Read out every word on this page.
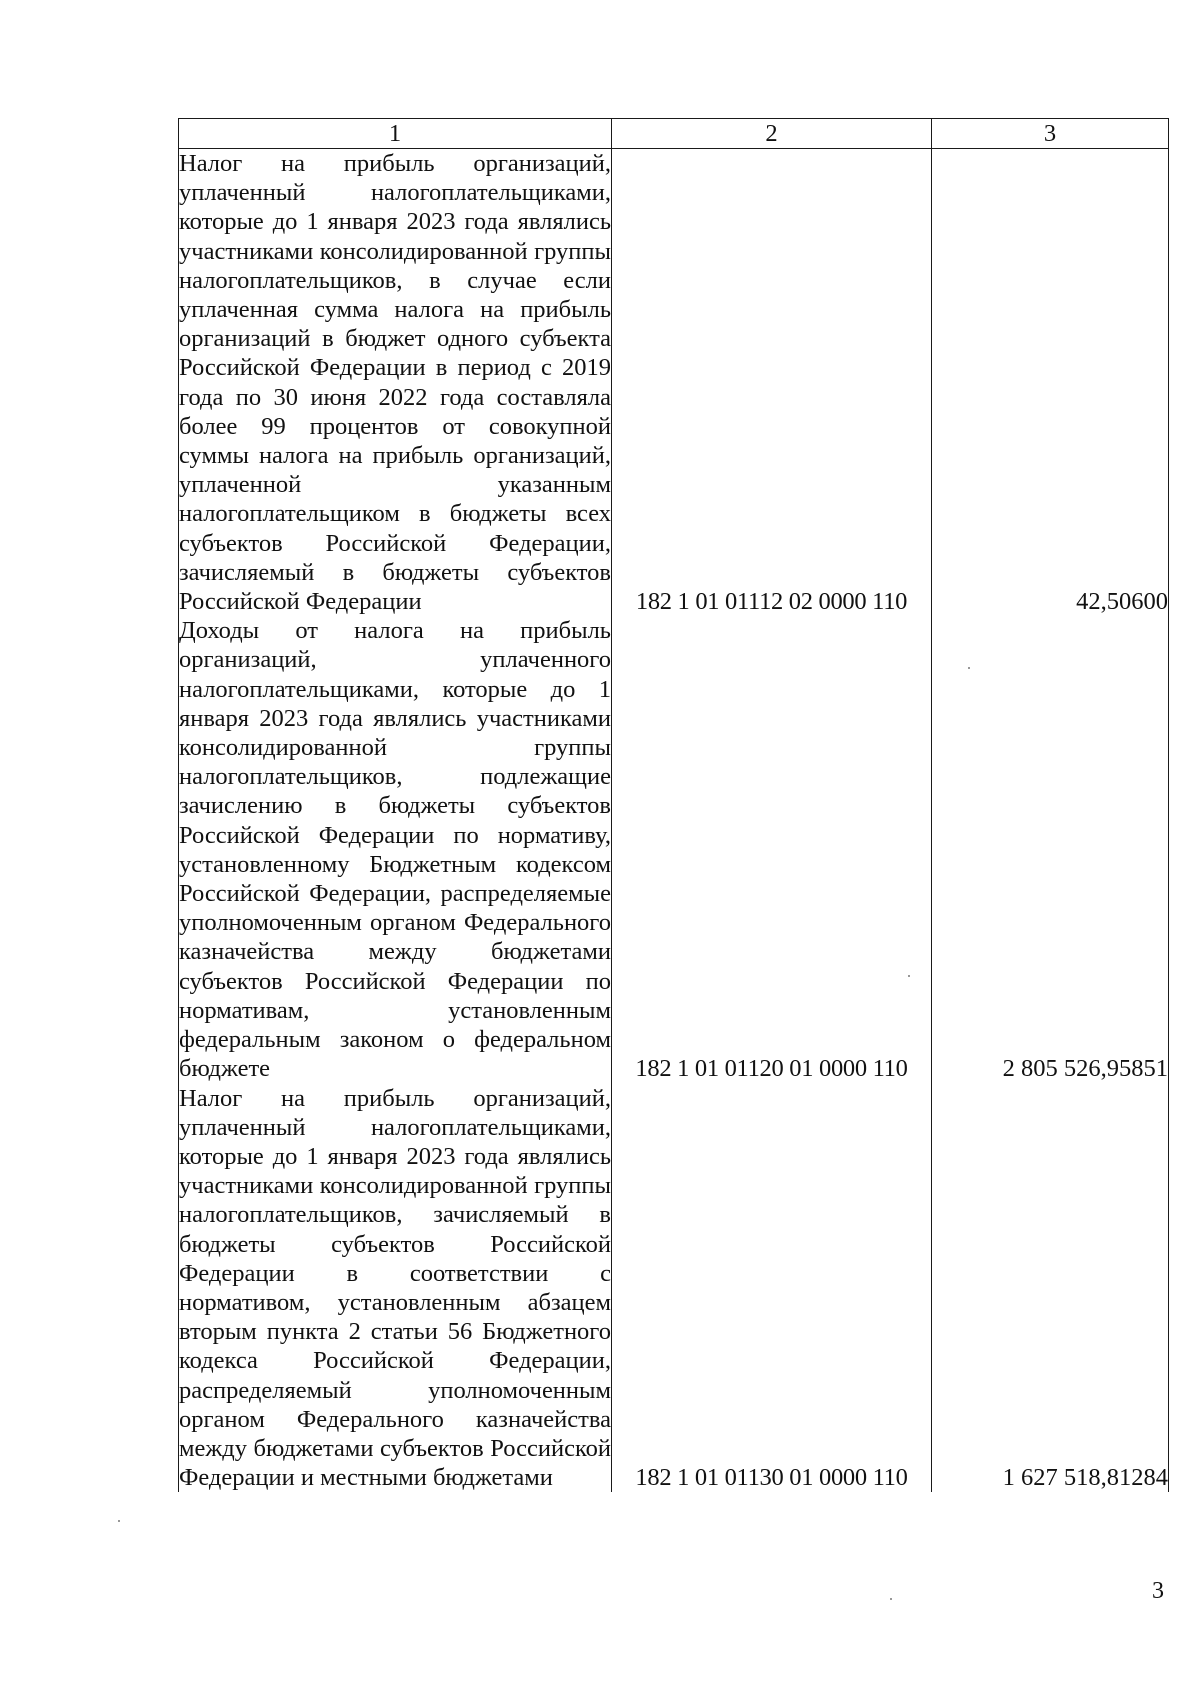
1	2	3
Налог на прибыль организаций, уплаченный налогоплательщиками, которые до 1 января 2023 года являлись участниками консолидированной группы налогоплательщиков, в случае если уплаченная сумма налога на прибыль организаций в бюджет одного субъекта Российской Федерации в период с 2019 года по 30 июня 2022 года составляла более 99 процентов от совокупной суммы налога на прибыль организаций, уплаченной указанным налогоплательщиком в бюджеты всех субъектов Российской Федерации, зачисляемый в бюджеты субъектов Российской Федерации	182 1 01 01112 02 0000 110	42,50600
Доходы от налога на прибыль организаций, уплаченного налогоплательщиками, которые до 1 января 2023 года являлись участниками консолидированной группы налогоплательщиков, подлежащие зачислению в бюджеты субъектов Российской Федерации по нормативу, установленному Бюджетным кодексом Российской Федерации, распределяемые уполномоченным органом Федерального казначейства между бюджетами субъектов Российской Федерации по нормативам, установленным федеральным законом о федеральном бюджете	182 1 01 01120 01 0000 110	2 805 526,95851
Налог на прибыль организаций, уплаченный налогоплательщиками, которые до 1 января 2023 года являлись участниками консолидированной группы налогоплательщиков, зачисляемый в бюджеты субъектов Российской Федерации в соответствии с нормативом, установленным абзацем вторым пункта 2 статьи 56 Бюджетного кодекса Российской Федерации, распределяемый уполномоченным органом Федерального казначейства между бюджетами субъектов Российской Федерации и местными бюджетами	182 1 01 01130 01 0000 110	1 627 518,81284
3
